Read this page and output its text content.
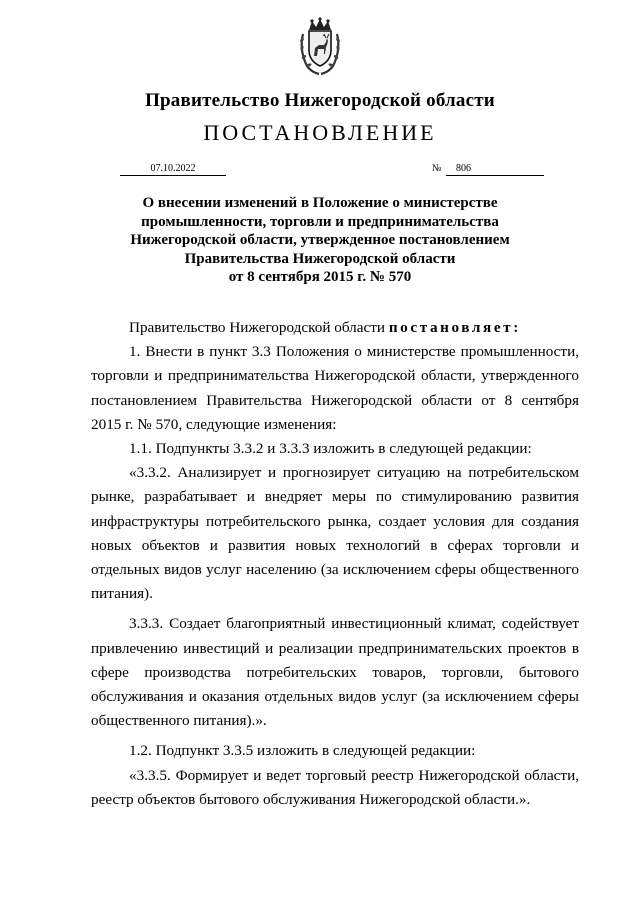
Правительство Нижегородской области
ПОСТАНОВЛЕНИЕ
07.10.2022	№	806
О внесении изменений в Положение о министерстве
промышленности, торговли и предпринимательства
Нижегородской области, утвержденное постановлением
Правительства Нижегородской области
от 8 сентября 2015 г. № 570

Правительство Нижегородской области постановляет:

1. Внести в пункт 3.3 Положения о министерстве промышленности, торговли и предпринимательства Нижегородской области, утвержденного постановлением Правительства Нижегородской области от 8 сентября 2015 г. № 570, следующие изменения:

1.1. Подпункты 3.3.2 и 3.3.3 изложить в следующей редакции:

«3.3.2. Анализирует и прогнозирует ситуацию на потребительском рынке, разрабатывает и внедряет меры по стимулированию развития инфраструктуры потребительского рынка, создает условия для создания новых объектов и развития новых технологий в сферах торговли и отдельных видов услуг населению (за исключением сферы общественного питания).

3.3.3. Создает благоприятный инвестиционный климат, содействует привлечению инвестиций и реализации предпринимательских проектов в сфере производства потребительских товаров, торговли, бытового обслуживания и оказания отдельных видов услуг (за исключением сферы общественного питания).».

1.2. Подпункт 3.3.5 изложить в следующей редакции:

«3.3.5. Формирует и ведет торговый реестр Нижегородской области, реестр объектов бытового обслуживания Нижегородской области.».
